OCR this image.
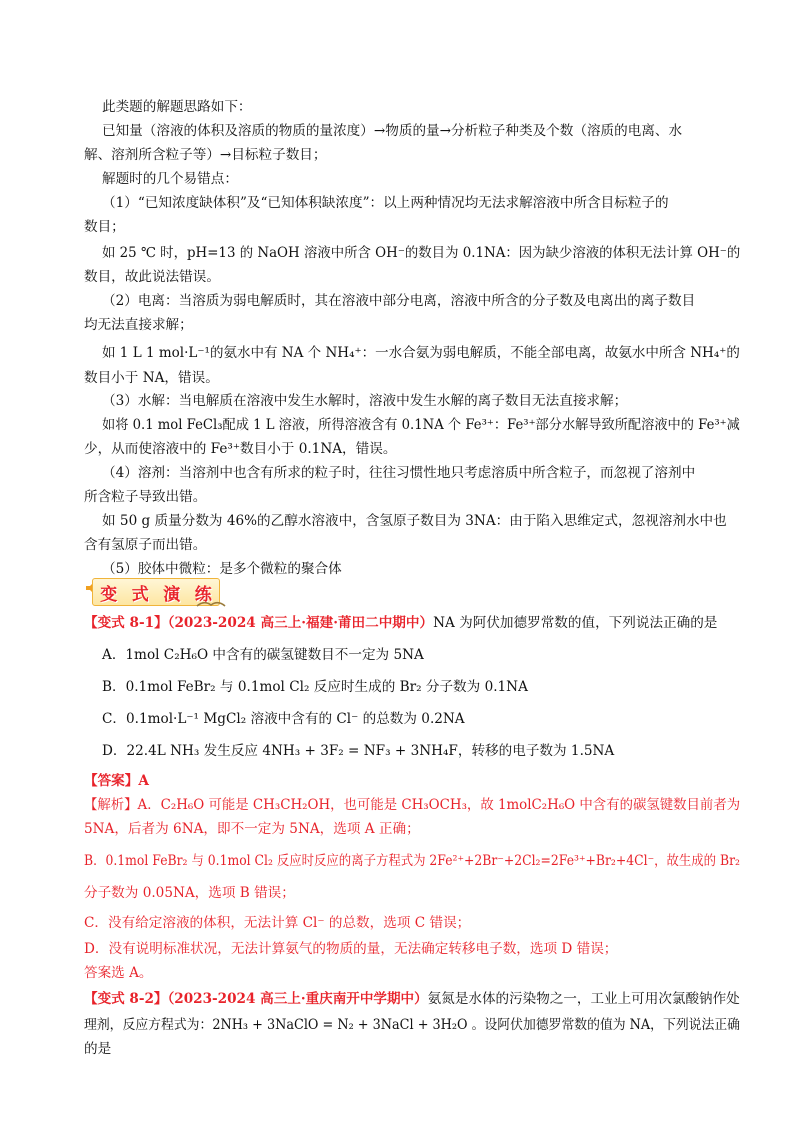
此类题的解题思路如下：
已知量（溶液的体积及溶质的物质的量浓度）→物质的量→分析粒子种类及个数（溶质的电离、水
解、溶剂所含粒子等）→目标粒子数目；
解题时的几个易错点：
（1）“已知浓度缺体积”及“已知体积缺浓度”：以上两种情况均无法求解溶液中所含目标粒子的
数目；
如 25 ℃ 时，pH=13 的 NaOH 溶液中所含 OH⁻的数目为 0.1NA：因为缺少溶液的体积无法计算 OH⁻的
数目，故此说法错误。
（2）电离：当溶质为弱电解质时，其在溶液中部分电离，溶液中所含的分子数及电离出的离子数目
均无法直接求解；
如 1 L 1 mol·L⁻¹的氨水中有 NA 个 NH₄⁺：一水合氨为弱电解质，不能全部电离，故氨水中所含 NH₄⁺的
数目小于 NA，错误。
（3）水解：当电解质在溶液中发生水解时，溶液中发生水解的离子数目无法直接求解；
如将 0.1 mol FeCl₃配成 1 L 溶液，所得溶液含有 0.1NA 个 Fe³⁺：Fe³⁺部分水解导致所配溶液中的 Fe³⁺减
少，从而使溶液中的 Fe³⁺数目小于 0.1NA，错误。
（4）溶剂：当溶剂中也含有所求的粒子时，往往习惯性地只考虑溶质中所含粒子，而忽视了溶剂中
所含粒子导致出错。
如 50 g 质量分数为 46%的乙醇水溶液中，含氢原子数目为 3NA：由于陷入思维定式，忽视溶剂水中也
含有氢原子而出错。
（5）胶体中微粒：是多个微粒的聚合体
变 式 演 练
【变式 8-1】（2023-2024 高三上·福建·莆田二中期中）NA 为阿伏加德罗常数的值，下列说法正确的是
A．1mol C₂H₆O 中含有的碳氢键数目不一定为 5NA
B．0.1mol FeBr₂ 与 0.1mol Cl₂ 反应时生成的 Br₂ 分子数为 0.1NA
C．0.1mol·L⁻¹ MgCl₂ 溶液中含有的 Cl⁻ 的总数为 0.2NA
D．22.4L NH₃ 发生反应 4NH₃ + 3F₂ = NF₃ + 3NH₄F，转移的电子数为 1.5NA
【答案】A
【解析】A．C₂H₆O 可能是 CH₃CH₂OH，也可能是 CH₃OCH₃，故 1molC₂H₆O 中含有的碳氢键数目前者为
5NA，后者为 6NA，即不一定为 5NA，选项 A 正确；
B．0.1mol FeBr₂ 与 0.1mol Cl₂ 反应时反应的离子方程式为 2Fe²⁺+2Br⁻+2Cl₂=2Fe³⁺+Br₂+4Cl⁻，故生成的 Br₂
分子数为 0.05NA，选项 B 错误；
C．没有给定溶液的体积，无法计算 Cl⁻ 的总数，选项 C 错误；
D．没有说明标准状况，无法计算氨气的物质的量，无法确定转移电子数，选项 D 错误；
答案选 A。
【变式 8-2】（2023-2024 高三上·重庆南开中学期中）氨氮是水体的污染物之一，工业上可用次氯酸钠作处
理剂，反应方程式为：2NH₃ + 3NaClO = N₂ + 3NaCl + 3H₂O 。设阿伏加德罗常数的值为 NA，下列说法正确
的是
